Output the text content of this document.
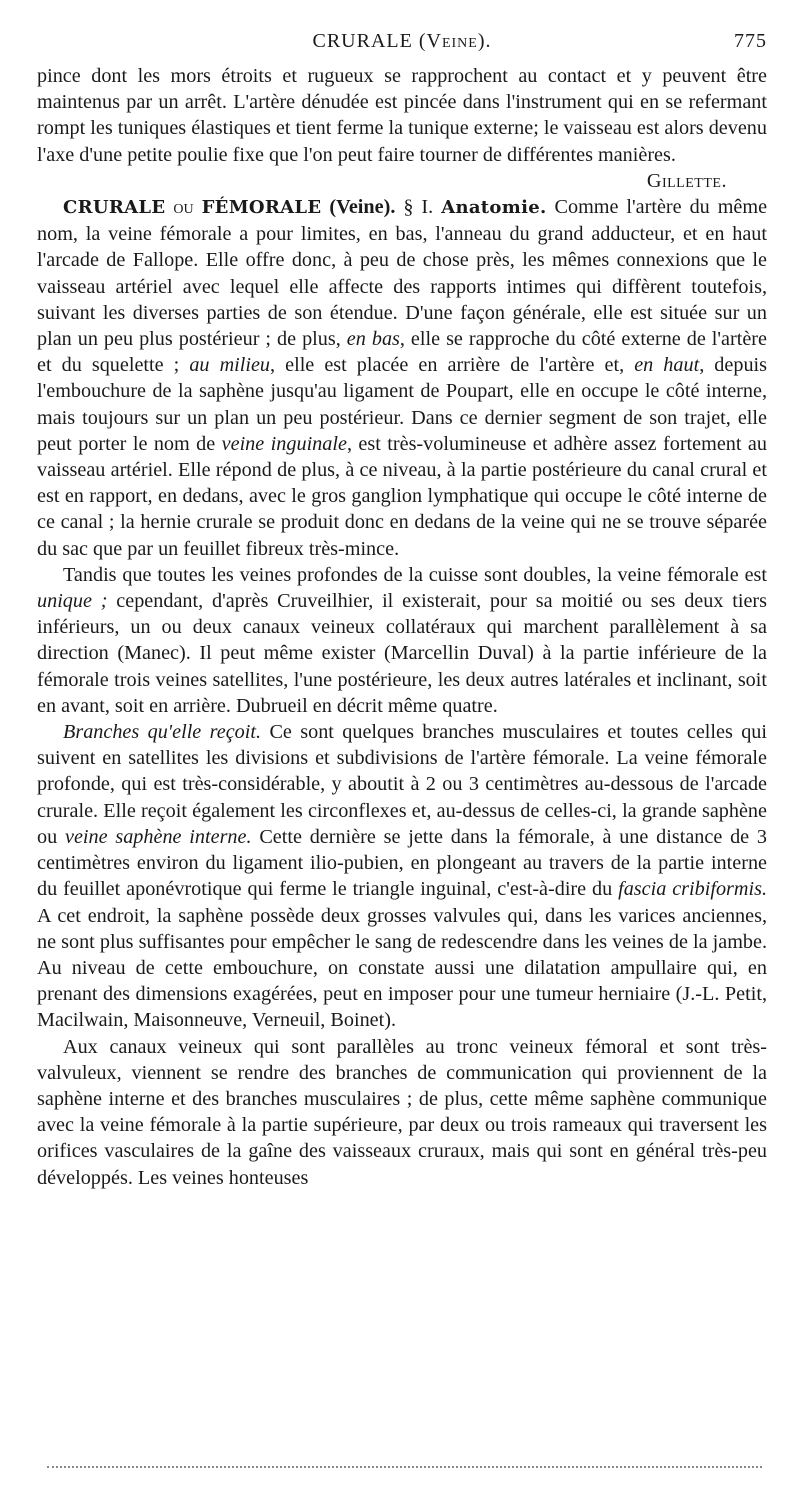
CRURALE (Veine).	775

pince dont les mors étroits et rugueux se rapprochent au contact et y peuvent être maintenus par un arrêt. L'artère dénudée est pincée dans l'instrument qui en se refermant rompt les tuniques élastiques et tient ferme la tunique externe; le vaisseau est alors devenu l'axe d'une petite poulie fixe que l'on peut faire tourner de différentes manières.

Gillette.

CRURALE ou FÉMORALE (Veine). § I. Anatomie. Comme l'artère du même nom, la veine fémorale a pour limites, en bas, l'anneau du grand adducteur, et en haut l'arcade de Fallope. Elle offre donc, à peu de chose près, les mêmes connexions que le vaisseau artériel avec lequel elle affecte des rapports intimes qui diffèrent toutefois, suivant les diverses parties de son étendue. D'une façon générale, elle est située sur un plan un peu plus postérieur ; de plus, en bas, elle se rapproche du côté externe de l'artère et du squelette ; au milieu, elle est placée en arrière de l'artère et, en haut, depuis l'embouchure de la saphène jusqu'au ligament de Poupart, elle en occupe le côté interne, mais toujours sur un plan un peu postérieur. Dans ce dernier segment de son trajet, elle peut porter le nom de veine inguinale, est très-volumineuse et adhère assez fortement au vaisseau artériel. Elle répond de plus, à ce niveau, à la partie postérieure du canal crural et est en rapport, en dedans, avec le gros ganglion lymphatique qui occupe le côté interne de ce canal ; la hernie crurale se produit donc en dedans de la veine qui ne se trouve séparée du sac que par un feuillet fibreux très-mince.

Tandis que toutes les veines profondes de la cuisse sont doubles, la veine fémorale est unique ; cependant, d'après Cruveilhier, il existerait, pour sa moitié ou ses deux tiers inférieurs, un ou deux canaux veineux collatéraux qui marchent parallèlement à sa direction (Manec). Il peut même exister (Marcellin Duval) à la partie inférieure de la fémorale trois veines satellites, l'une postérieure, les deux autres latérales et inclinant, soit en avant, soit en arrière. Dubrueil en décrit même quatre.

Branches qu'elle reçoit. Ce sont quelques branches musculaires et toutes celles qui suivent en satellites les divisions et subdivisions de l'artère fémorale. La veine fémorale profonde, qui est très-considérable, y aboutit à 2 ou 3 centimètres au-dessous de l'arcade crurale. Elle reçoit également les circonflexes et, au-dessus de celles-ci, la grande saphène ou veine saphène interne. Cette dernière se jette dans la fémorale, à une distance de 3 centimètres environ du ligament ilio-pubien, en plongeant au travers de la partie interne du feuillet aponévrotique qui ferme le triangle inguinal, c'est-à-dire du fascia cribiformis. A cet endroit, la saphène possède deux grosses valvules qui, dans les varices anciennes, ne sont plus suffisantes pour empêcher le sang de redescendre dans les veines de la jambe. Au niveau de cette embouchure, on constate aussi une dilatation ampullaire qui, en prenant des dimensions exagérées, peut en imposer pour une tumeur herniaire (J.-L. Petit, Macilwain, Maisonneuve, Verneuil, Boinet).

Aux canaux veineux qui sont parallèles au tronc veineux fémoral et sont très-valvuleux, viennent se rendre des branches de communication qui proviennent de la saphène interne et des branches musculaires ; de plus, cette même saphène communique avec la veine fémorale à la partie supérieure, par deux ou trois rameaux qui traversent les orifices vasculaires de la gaîne des vaisseaux cruraux, mais qui sont en général très-peu développés. Les veines honteuses
